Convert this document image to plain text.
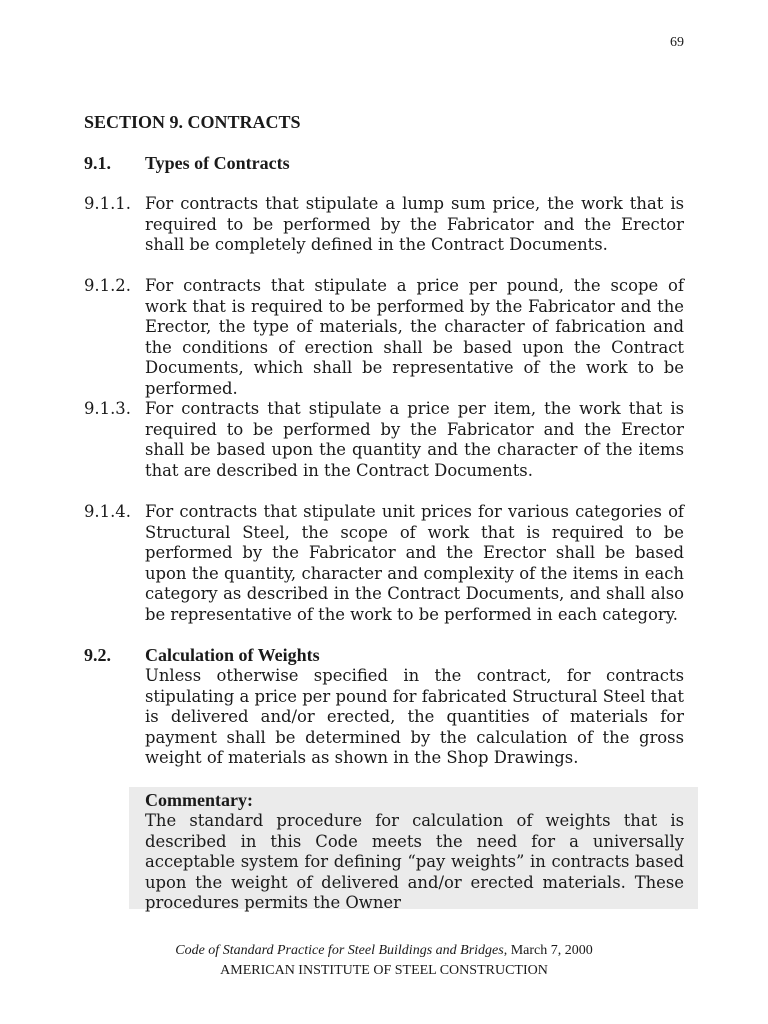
69
SECTION 9. CONTRACTS
9.1. Types of Contracts
9.1.1. For contracts that stipulate a lump sum price, the work that is required to be performed by the Fabricator and the Erector shall be completely defined in the Contract Documents.
9.1.2. For contracts that stipulate a price per pound, the scope of work that is required to be performed by the Fabricator and the Erector, the type of materials, the character of fabrication and the conditions of erection shall be based upon the Contract Documents, which shall be representative of the work to be performed.
9.1.3. For contracts that stipulate a price per item, the work that is required to be performed by the Fabricator and the Erector shall be based upon the quantity and the character of the items that are described in the Contract Documents.
9.1.4. For contracts that stipulate unit prices for various categories of Structural Steel, the scope of work that is required to be performed by the Fabricator and the Erector shall be based upon the quantity, character and complexity of the items in each category as described in the Contract Documents, and shall also be representative of the work to be performed in each category.
9.2. Calculation of Weights
Unless otherwise specified in the contract, for contracts stipulating a price per pound for fabricated Structural Steel that is delivered and/or erected, the quantities of materials for payment shall be determined by the calculation of the gross weight of materials as shown in the Shop Drawings.
Commentary:
The standard procedure for calculation of weights that is described in this Code meets the need for a universally acceptable system for defining “pay weights” in contracts based upon the weight of delivered and/or erected materials. These procedures permits the Owner
Code of Standard Practice for Steel Buildings and Bridges, March 7, 2000
AMERICAN INSTITUTE OF STEEL CONSTRUCTION
